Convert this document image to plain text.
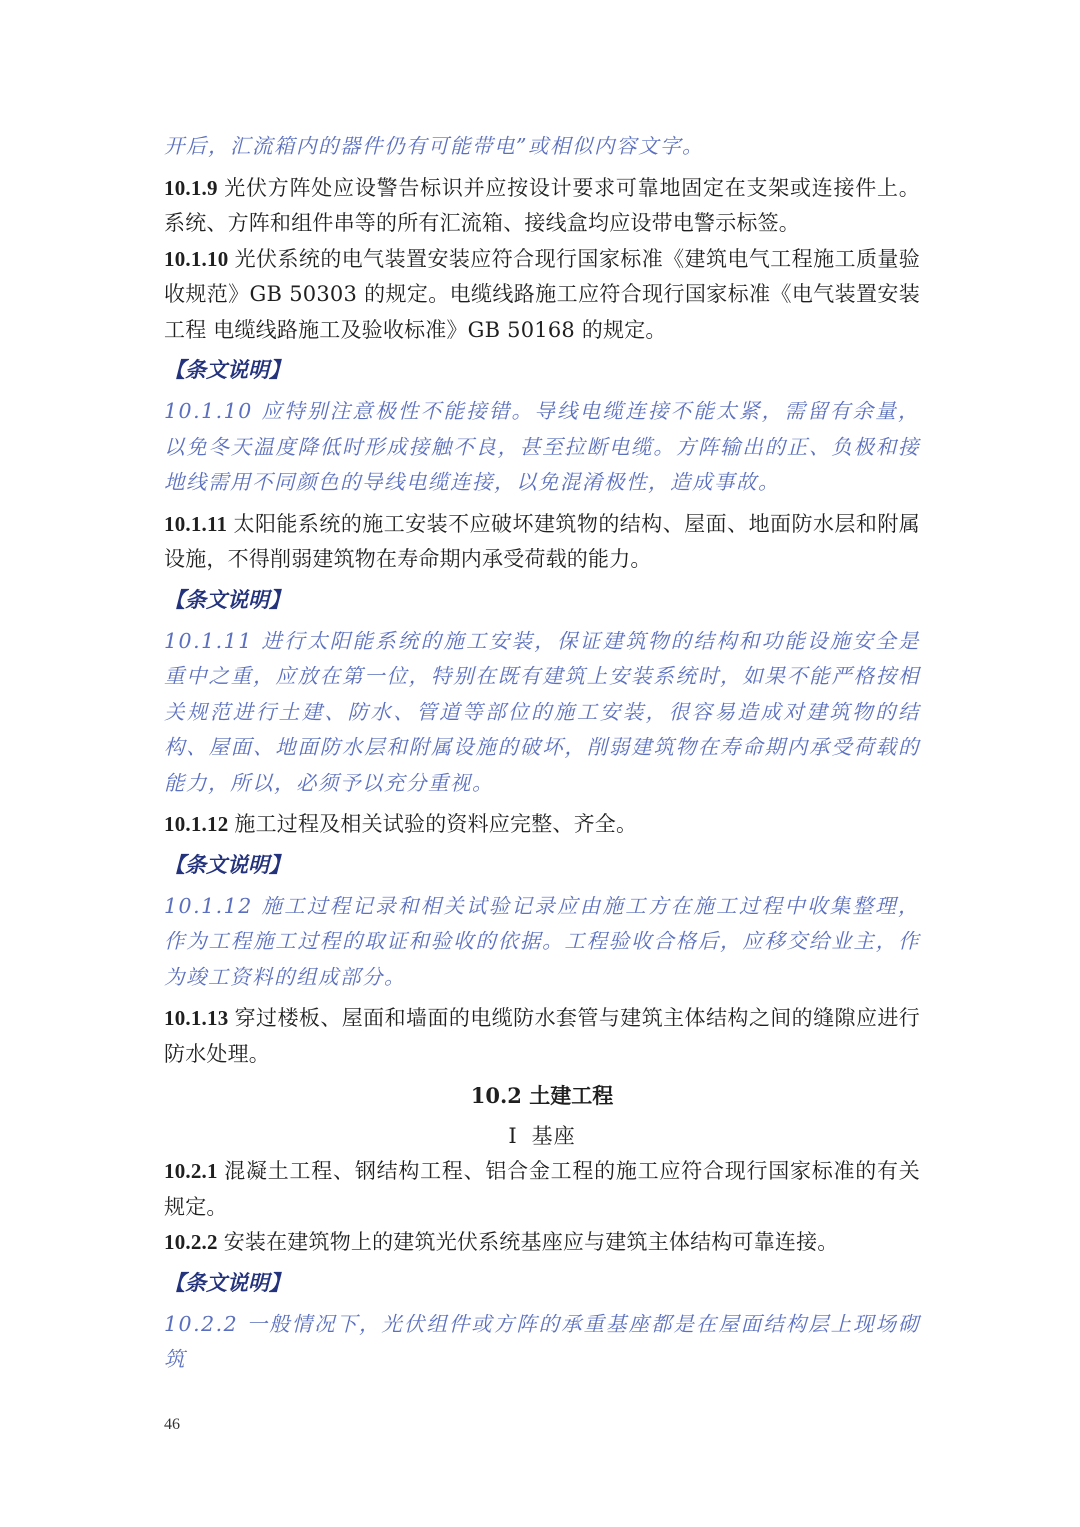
开后，汇流箱内的器件仍有可能带电”或相似内容文字。

10.1.9 光伏方阵处应设警告标识并应按设计要求可靠地固定在支架或连接件上。系统、方阵和组件串等的所有汇流箱、接线盒均应设带电警示标签。

10.1.10 光伏系统的电气装置安装应符合现行国家标准《建筑电气工程施工质量验收规范》GB 50303 的规定。电缆线路施工应符合现行国家标准《电气装置安装工程 电缆线路施工及验收标准》GB 50168 的规定。

【条文说明】

10.1.10 应特别注意极性不能接错。导线电缆连接不能太紧，需留有余量，以免冬天温度降低时形成接触不良，甚至拉断电缆。方阵输出的正、负极和接地线需用不同颜色的导线电缆连接，以免混淆极性，造成事故。

10.1.11 太阳能系统的施工安装不应破坏建筑物的结构、屋面、地面防水层和附属设施，不得削弱建筑物在寿命期内承受荷载的能力。

【条文说明】

10.1.11 进行太阳能系统的施工安装，保证建筑物的结构和功能设施安全是重中之重，应放在第一位，特别在既有建筑上安装系统时，如果不能严格按相关规范进行土建、防水、管道等部位的施工安装，很容易造成对建筑物的结构、屋面、地面防水层和附属设施的破坏，削弱建筑物在寿命期内承受荷载的能力，所以，必须予以充分重视。

10.1.12 施工过程及相关试验的资料应完整、齐全。

【条文说明】

10.1.12 施工过程记录和相关试验记录应由施工方在施工过程中收集整理，作为工程施工过程的取证和验收的依据。工程验收合格后，应移交给业主，作为竣工资料的组成部分。

10.1.13 穿过楼板、屋面和墙面的电缆防水套管与建筑主体结构之间的缝隙应进行防水处理。

10.2 土建工程
I 基座

10.2.1 混凝土工程、钢结构工程、铝合金工程的施工应符合现行国家标准的有关规定。

10.2.2 安装在建筑物上的建筑光伏系统基座应与建筑主体结构可靠连接。

【条文说明】

10.2.2 一般情况下，光伏组件或方阵的承重基座都是在屋面结构层上现场砌筑

46
